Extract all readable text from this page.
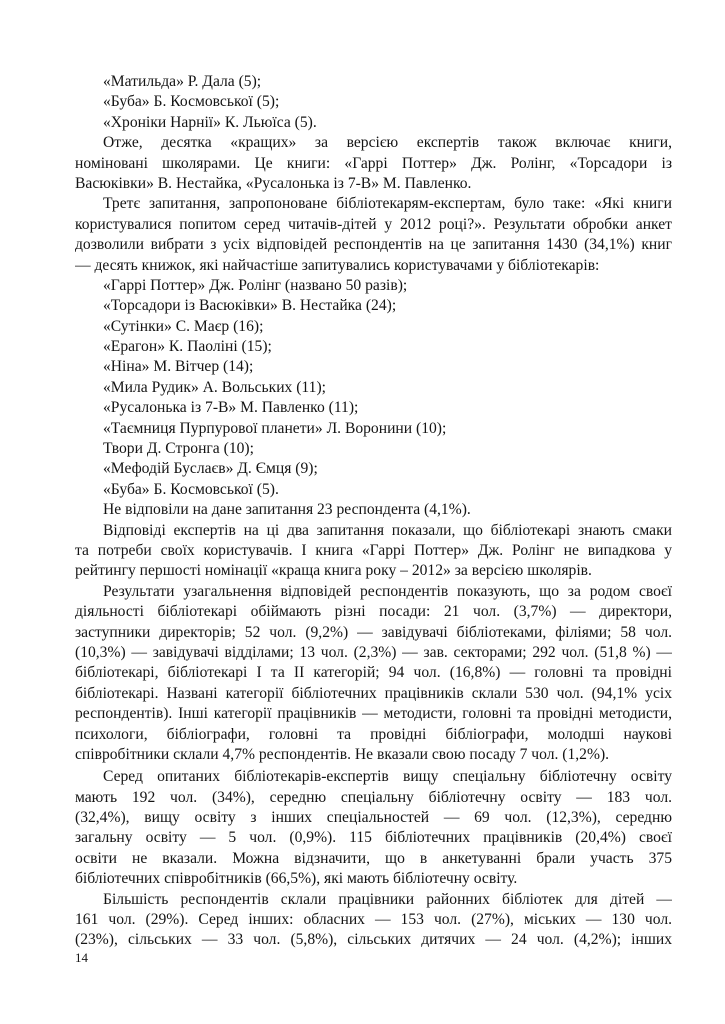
«Матильда» Р. Дала (5);
«Буба» Б. Космовської (5);
«Хроніки Нарнії» К. Льюїса (5).
Отже, десятка «кращих» за версією експертів також включає книги,
номіновані школярами. Це книги: «Гаррі Поттер» Дж. Ролінг, «Торсадори із
Васюківки» В. Нестайка, «Русалонька із 7-В» М. Павленко.
Третє запитання, запропоноване бібліотекарям-експертам, було таке: «Які книги
користувалися попитом серед читачів-дітей у 2012 році?». Результати обробки анкет
дозволили вибрати з усіх відповідей респондентів на це запитання 1430 (34,1%) книг
— десять книжок, які найчастіше запитувались користувачами у бібліотекарів:
«Гаррі Поттер» Дж. Ролінг (названо 50 разів);
«Торсадори із Васюківки» В. Нестайка (24);
«Сутінки» С. Маєр (16);
«Ерагон» К. Паоліні (15);
«Ніна» М. Вітчер (14);
«Мила Рудик» А. Вольських (11);
«Русалонька із 7-В» М. Павленко (11);
«Таємниця Пурпурової планети» Л. Воронини (10);
Твори Д. Стронга (10);
«Мефодій Буслаєв» Д. Ємця (9);
«Буба» Б. Космовської (5).
Не відповіли на дане запитання 23 респондента (4,1%).
Відповіді експертів на ці два запитання показали, що бібліотекарі знають смаки
та потреби своїх користувачів. І книга «Гаррі Поттер» Дж. Ролінг не випадкова у
рейтингу першості номінації «краща книга року – 2012» за версією школярів.
Результати узагальнення відповідей респондентів показують, що за родом своєї
діяльності бібліотекарі обіймають різні посади: 21 чол. (3,7%) — директори,
заступники директорів; 52 чол. (9,2%) — завідувачі бібліотеками, філіями; 58 чол.
(10,3%) — завідувачі відділами; 13 чол. (2,3%) — зав. секторами; 292 чол. (51,8 %) —
бібліотекарі, бібліотекарі I та II категорій; 94 чол. (16,8%) — головні та провідні
бібліотекарі. Названі категорії бібліотечних працівників склали 530 чол. (94,1% усіх
респондентів). Інші категорії працівників — методисти, головні та провідні методисти,
психологи, бібліографи, головні та провідні бібліографи, молодші наукові
співробітники склали 4,7% респондентів. Не вказали свою посаду 7 чол. (1,2%).
Серед опитаних бібліотекарів-експертів вищу спеціальну бібліотечну освіту
мають 192 чол. (34%), середню спеціальну бібліотечну освіту — 183 чол.
(32,4%), вищу освіту з інших спеціальностей — 69 чол. (12,3%), середню
загальну освіту — 5 чол. (0,9%). 115 бібліотечних працівників (20,4%) своєї
освіти не вказали. Можна відзначити, що в анкетуванні брали участь 375
бібліотечних співробітників (66,5%), які мають бібліотечну освіту.
Більшість респондентів склали працівники районних бібліотек для дітей —
161 чол. (29%). Серед інших: обласних — 153 чол. (27%), міських — 130 чол.
(23%), сільських — 33 чол. (5,8%), сільських дитячих — 24 чол. (4,2%); інших
14
